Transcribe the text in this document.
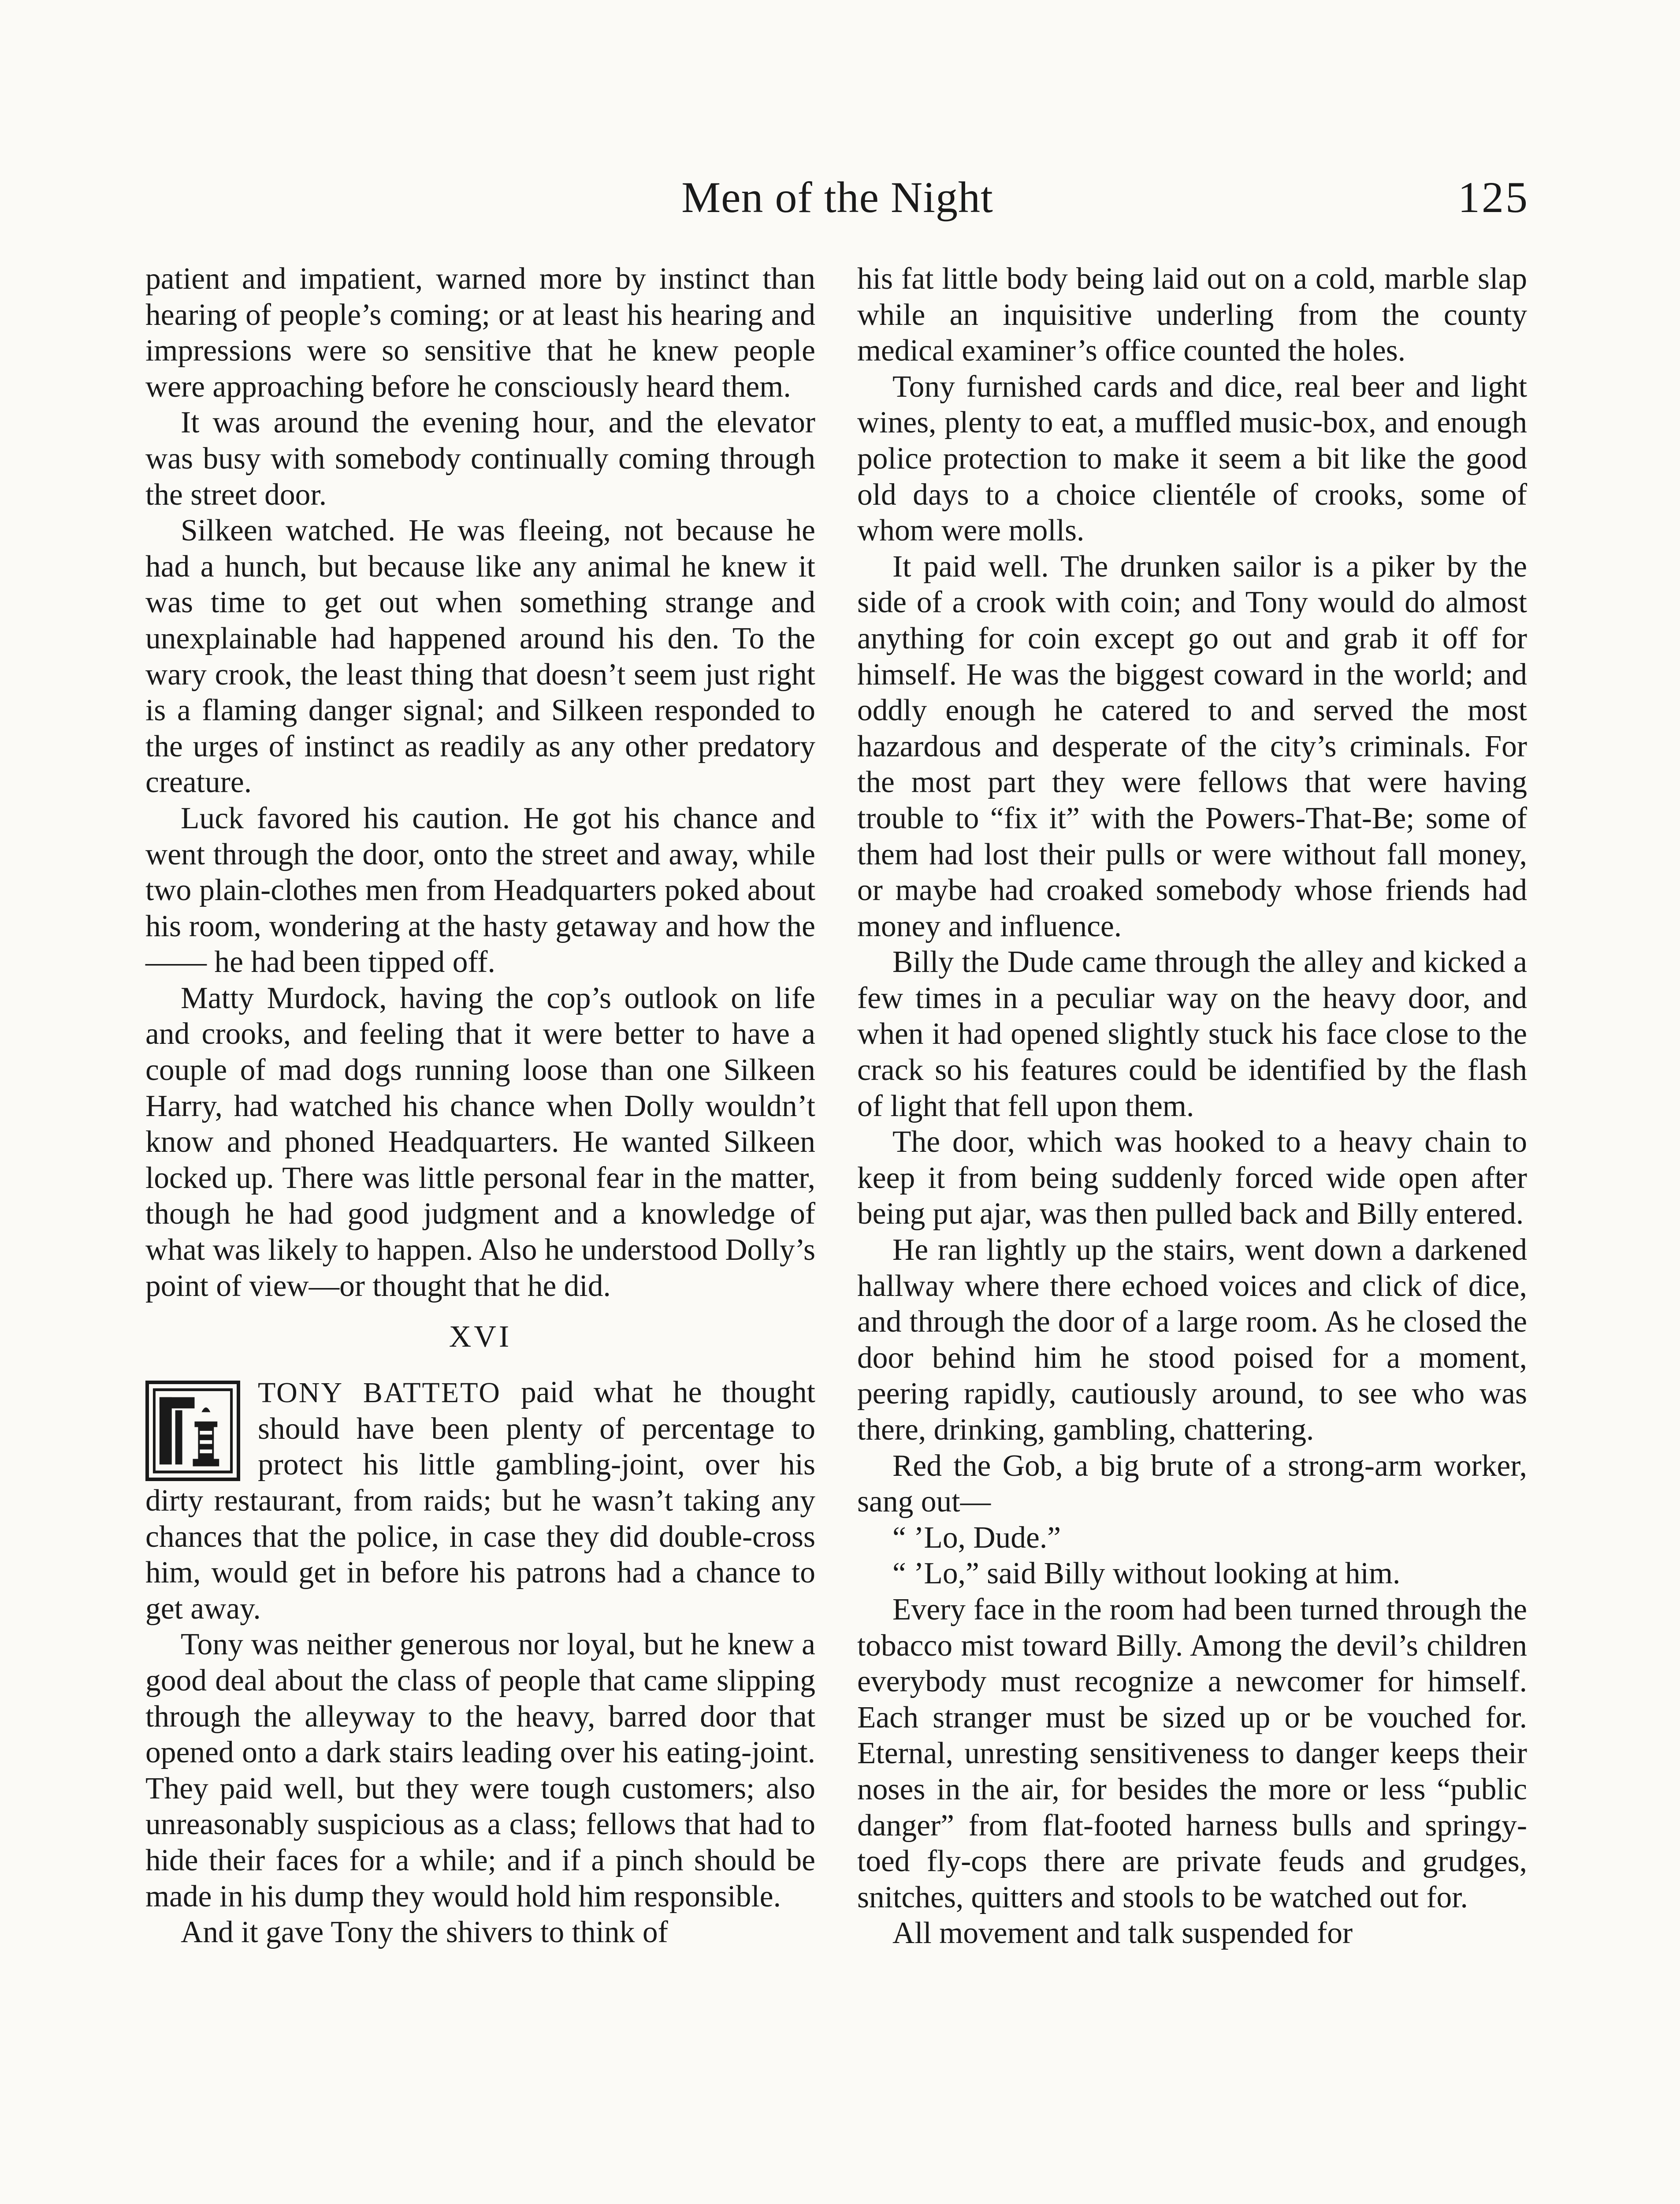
Men of the Night	125

patient and impatient, warned more by instinct than hearing of people’s coming; or at least his hearing and impressions were so sensitive that he knew people were approaching before he consciously heard them.

It was around the evening hour, and the elevator was busy with somebody continually coming through the street door.

Silkeen watched. He was fleeing, not because he had a hunch, but because like any animal he knew it was time to get out when something strange and unexplainable had happened around his den. To the wary crook, the least thing that doesn’t seem just right is a flaming danger signal; and Silkeen responded to the urges of instinct as readily as any other predatory creature.

Luck favored his caution. He got his chance and went through the door, onto the street and away, while two plain-clothes men from Headquarters poked about his room, wondering at the hasty getaway and how the —— he had been tipped off.

Matty Murdock, having the cop’s outlook on life and crooks, and feeling that it were better to have a couple of mad dogs running loose than one Silkeen Harry, had watched his chance when Dolly wouldn’t know and phoned Headquarters. He wanted Silkeen locked up. There was little personal fear in the matter, though he had good judgment and a knowledge of what was likely to happen. Also he understood Dolly’s point of view—or thought that he did.

XVI

TONY BATTETO paid what he thought should have been plenty of percentage to protect his little gambling-joint, over his dirty restaurant, from raids; but he wasn’t taking any chances that the police, in case they did double-cross him, would get in before his patrons had a chance to get away.

Tony was neither generous nor loyal, but he knew a good deal about the class of people that came slipping through the alleyway to the heavy, barred door that opened onto a dark stairs leading over his eating-joint. They paid well, but they were tough customers; also unreasonably suspicious as a class; fellows that had to hide their faces for a while; and if a pinch should be made in his dump they would hold him responsible.

And it gave Tony the shivers to think of

his fat little body being laid out on a cold, marble slap while an inquisitive underling from the county medical examiner’s office counted the holes.

Tony furnished cards and dice, real beer and light wines, plenty to eat, a muffled music-box, and enough police protection to make it seem a bit like the good old days to a choice clientéle of crooks, some of whom were molls.

It paid well. The drunken sailor is a piker by the side of a crook with coin; and Tony would do almost anything for coin except go out and grab it off for himself. He was the biggest coward in the world; and oddly enough he catered to and served the most hazardous and desperate of the city’s criminals. For the most part they were fellows that were having trouble to “fix it” with the Powers-That-Be; some of them had lost their pulls or were without fall money, or maybe had croaked somebody whose friends had money and influence.

Billy the Dude came through the alley and kicked a few times in a peculiar way on the heavy door, and when it had opened slightly stuck his face close to the crack so his features could be identified by the flash of light that fell upon them.

The door, which was hooked to a heavy chain to keep it from being suddenly forced wide open after being put ajar, was then pulled back and Billy entered.

He ran lightly up the stairs, went down a darkened hallway where there echoed voices and click of dice, and through the door of a large room. As he closed the door behind him he stood poised for a moment, peering rapidly, cautiously around, to see who was there, drinking, gambling, chattering.

Red the Gob, a big brute of a strong-arm worker, sang out—

“ ’Lo, Dude.”

“ ’Lo,” said Billy without looking at him.

Every face in the room had been turned through the tobacco mist toward Billy. Among the devil’s children everybody must recognize a newcomer for himself. Each stranger must be sized up or be vouched for. Eternal, unresting sensitiveness to danger keeps their noses in the air, for besides the more or less “public danger” from flat-footed harness bulls and springy-toed fly-cops there are private feuds and grudges, snitches, quitters and stools to be watched out for.

All movement and talk suspended for
